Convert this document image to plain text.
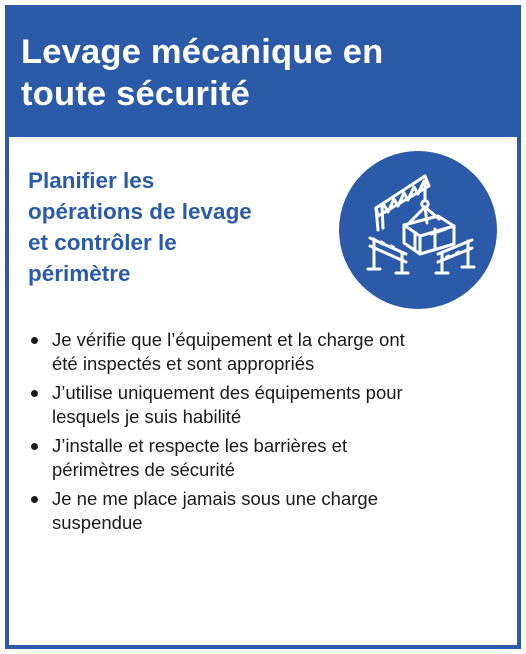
Levage mécanique en
toute sécurité
Planifier les
opérations de levage
et contrôler le
périmètre
Je vérifie que l’équipement et la charge ont
été inspectés et sont appropriés
J’utilise uniquement des équipements pour
lesquels je suis habilité
J’installe et respecte les barrières et
périmètres de sécurité
Je ne me place jamais sous une charge
suspendue
